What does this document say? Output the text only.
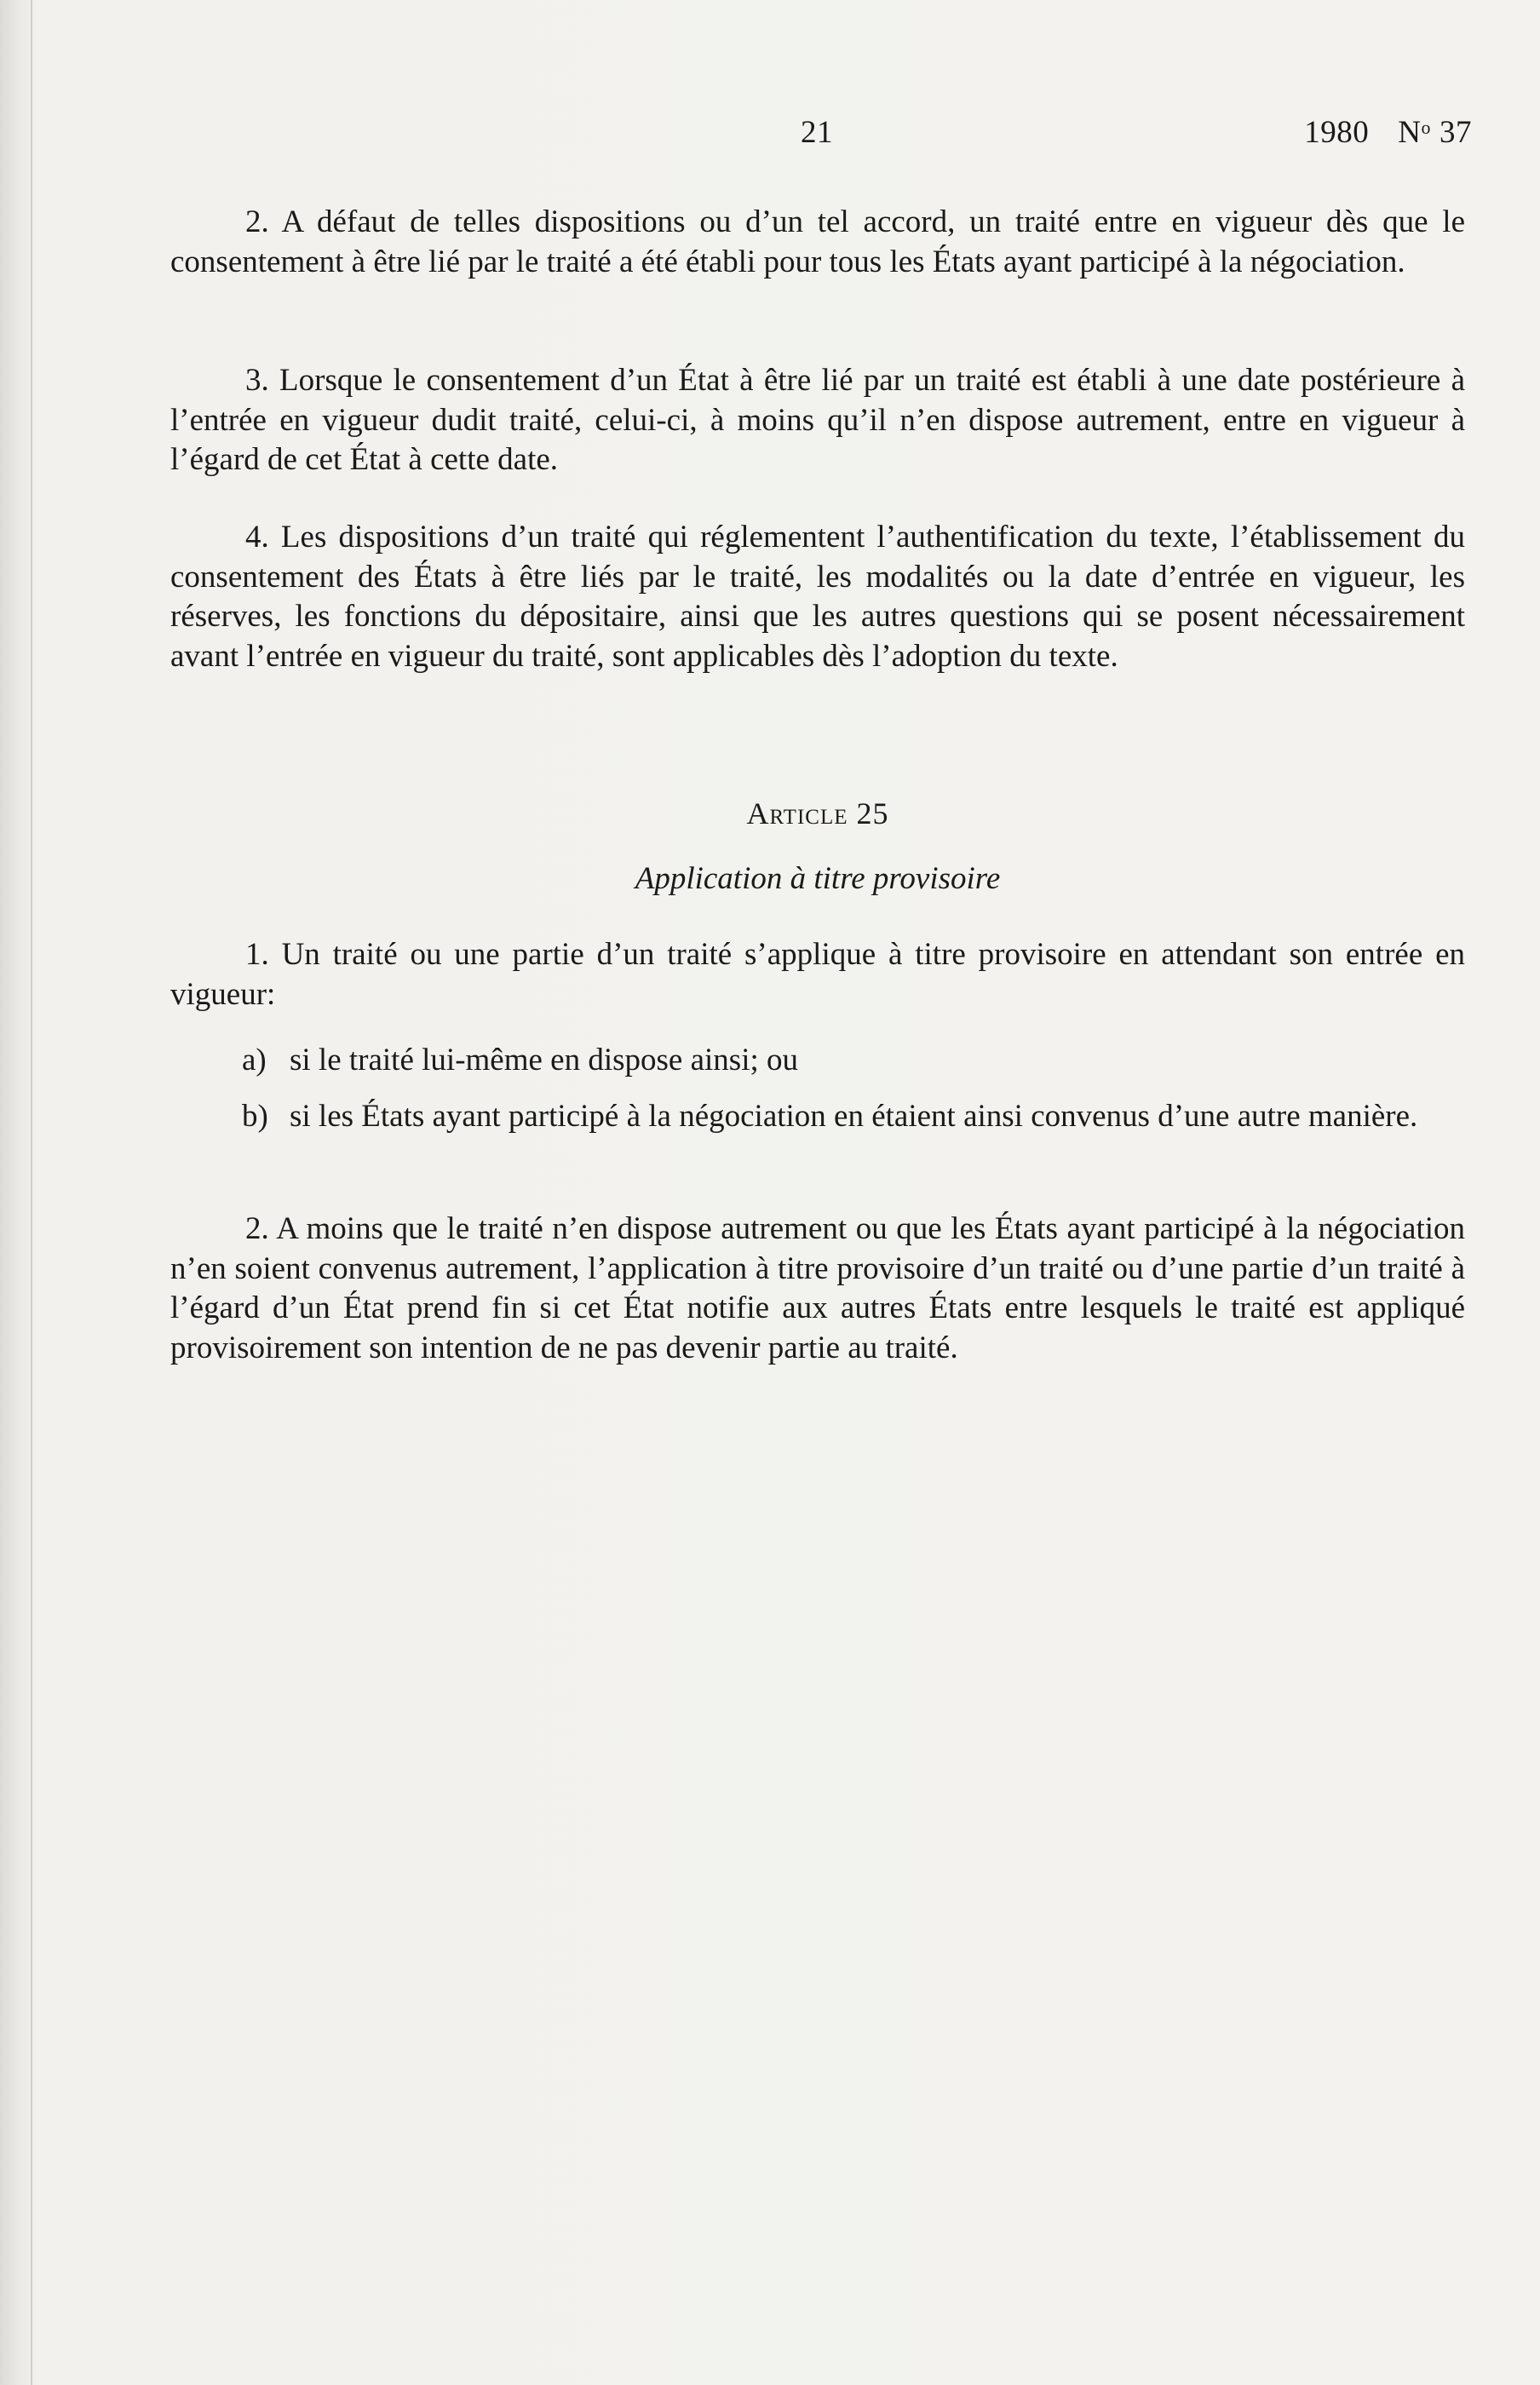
21	1980 $N^o$ 37

2. A défaut de telles dispositions ou d’un tel accord, un traité entre en vigueur dès que le consentement à être lié par le traité a été établi pour tous les États ayant participé à la négociation.

3. Lorsque le consentement d’un État à être lié par un traité est établi à une date postérieure à l’entrée en vigueur dudit traité, celui-ci, à moins qu’il n’en dispose autrement, entre en vigueur à l’égard de cet État à cette date.

4. Les dispositions d’un traité qui réglementent l’authentification du texte, l’établissement du consentement des États à être liés par le traité, les modalités ou la date d’entrée en vigueur, les réserves, les fonctions du dépositaire, ainsi que les autres questions qui se posent nécessairement avant l’entrée en vigueur du traité, sont applicables dès l’adoption du texte.

Article 25
Application à titre provisoire

1. Un traité ou une partie d’un traité s’applique à titre provisoire en attendant son entrée en vigueur:

a) si le traité lui-même en dispose ainsi; ou
b) si les États ayant participé à la négociation en étaient ainsi convenus d’une autre manière.

2. A moins que le traité n’en dispose autrement ou que les États ayant participé à la négociation n’en soient convenus autrement, l’application à titre provisoire d’un traité ou d’une partie d’un traité à l’égard d’un État prend fin si cet État notifie aux autres États entre lesquels le traité est appliqué provisoirement son intention de ne pas devenir partie au traité.
